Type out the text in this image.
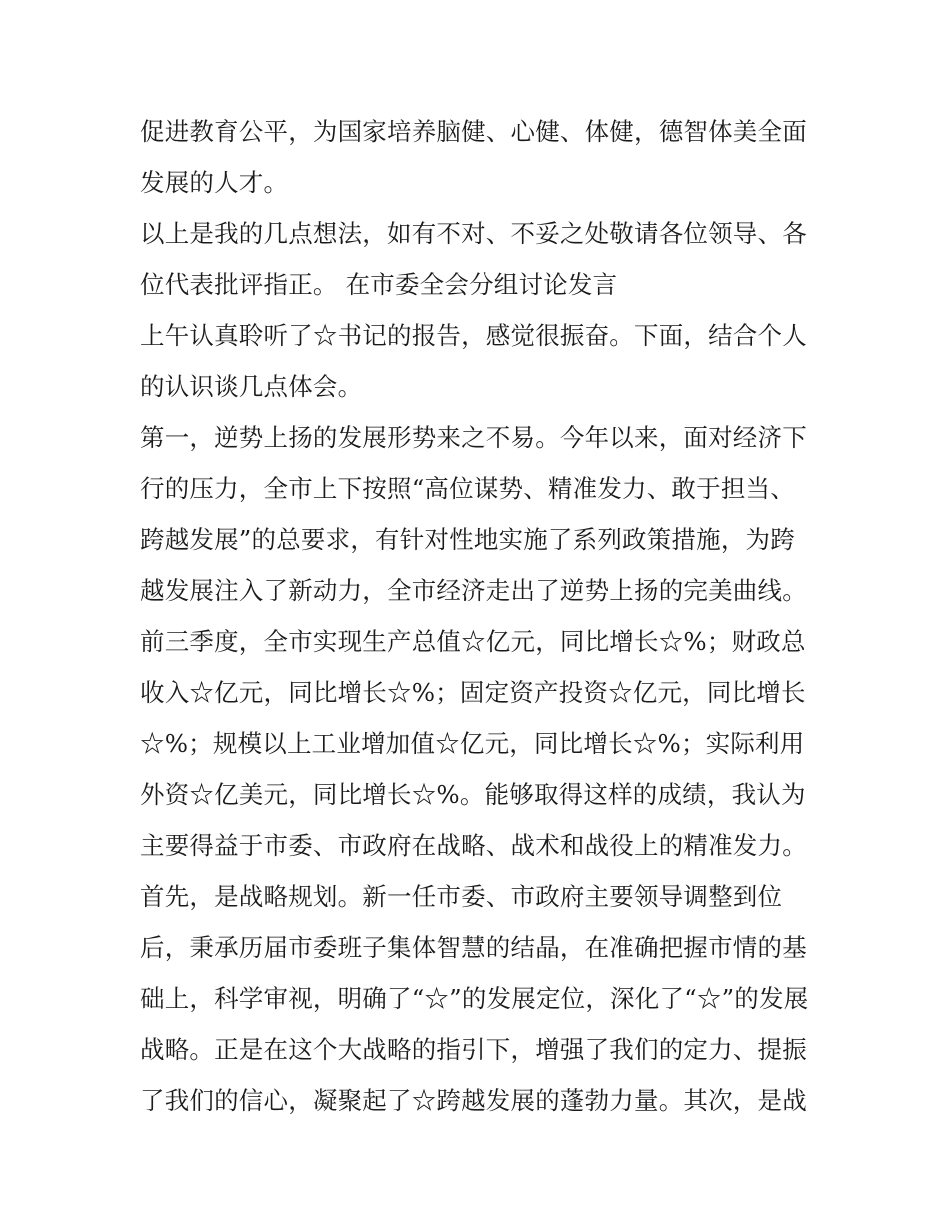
促进教育公平，为国家培养脑健、心健、体健，德智体美全面
发展的人才。
以上是我的几点想法，如有不对、不妥之处敬请各位领导、各
位代表批评指正。 在市委全会分组讨论发言
上午认真聆听了☆书记的报告，感觉很振奋。下面，结合个人
的认识谈几点体会。
第一，逆势上扬的发展形势来之不易。今年以来，面对经济下
行的压力，全市上下按照“高位谋势、精准发力、敢于担当、
跨越发展”的总要求，有针对性地实施了系列政策措施，为跨
越发展注入了新动力，全市经济走出了逆势上扬的完美曲线。
前三季度，全市实现生产总值☆亿元，同比增长☆%；财政总
收入☆亿元，同比增长☆%；固定资产投资☆亿元，同比增长
☆%；规模以上工业增加值☆亿元，同比增长☆%；实际利用
外资☆亿美元，同比增长☆%。能够取得这样的成绩，我认为
主要得益于市委、市政府在战略、战术和战役上的精准发力。
首先，是战略规划。新一任市委、市政府主要领导调整到位
后，秉承历届市委班子集体智慧的结晶，在准确把握市情的基
础上，科学审视，明确了“☆”的发展定位，深化了“☆”的发展
战略。正是在这个大战略的指引下，增强了我们的定力、提振
了我们的信心，凝聚起了☆跨越发展的蓬勃力量。其次，是战
